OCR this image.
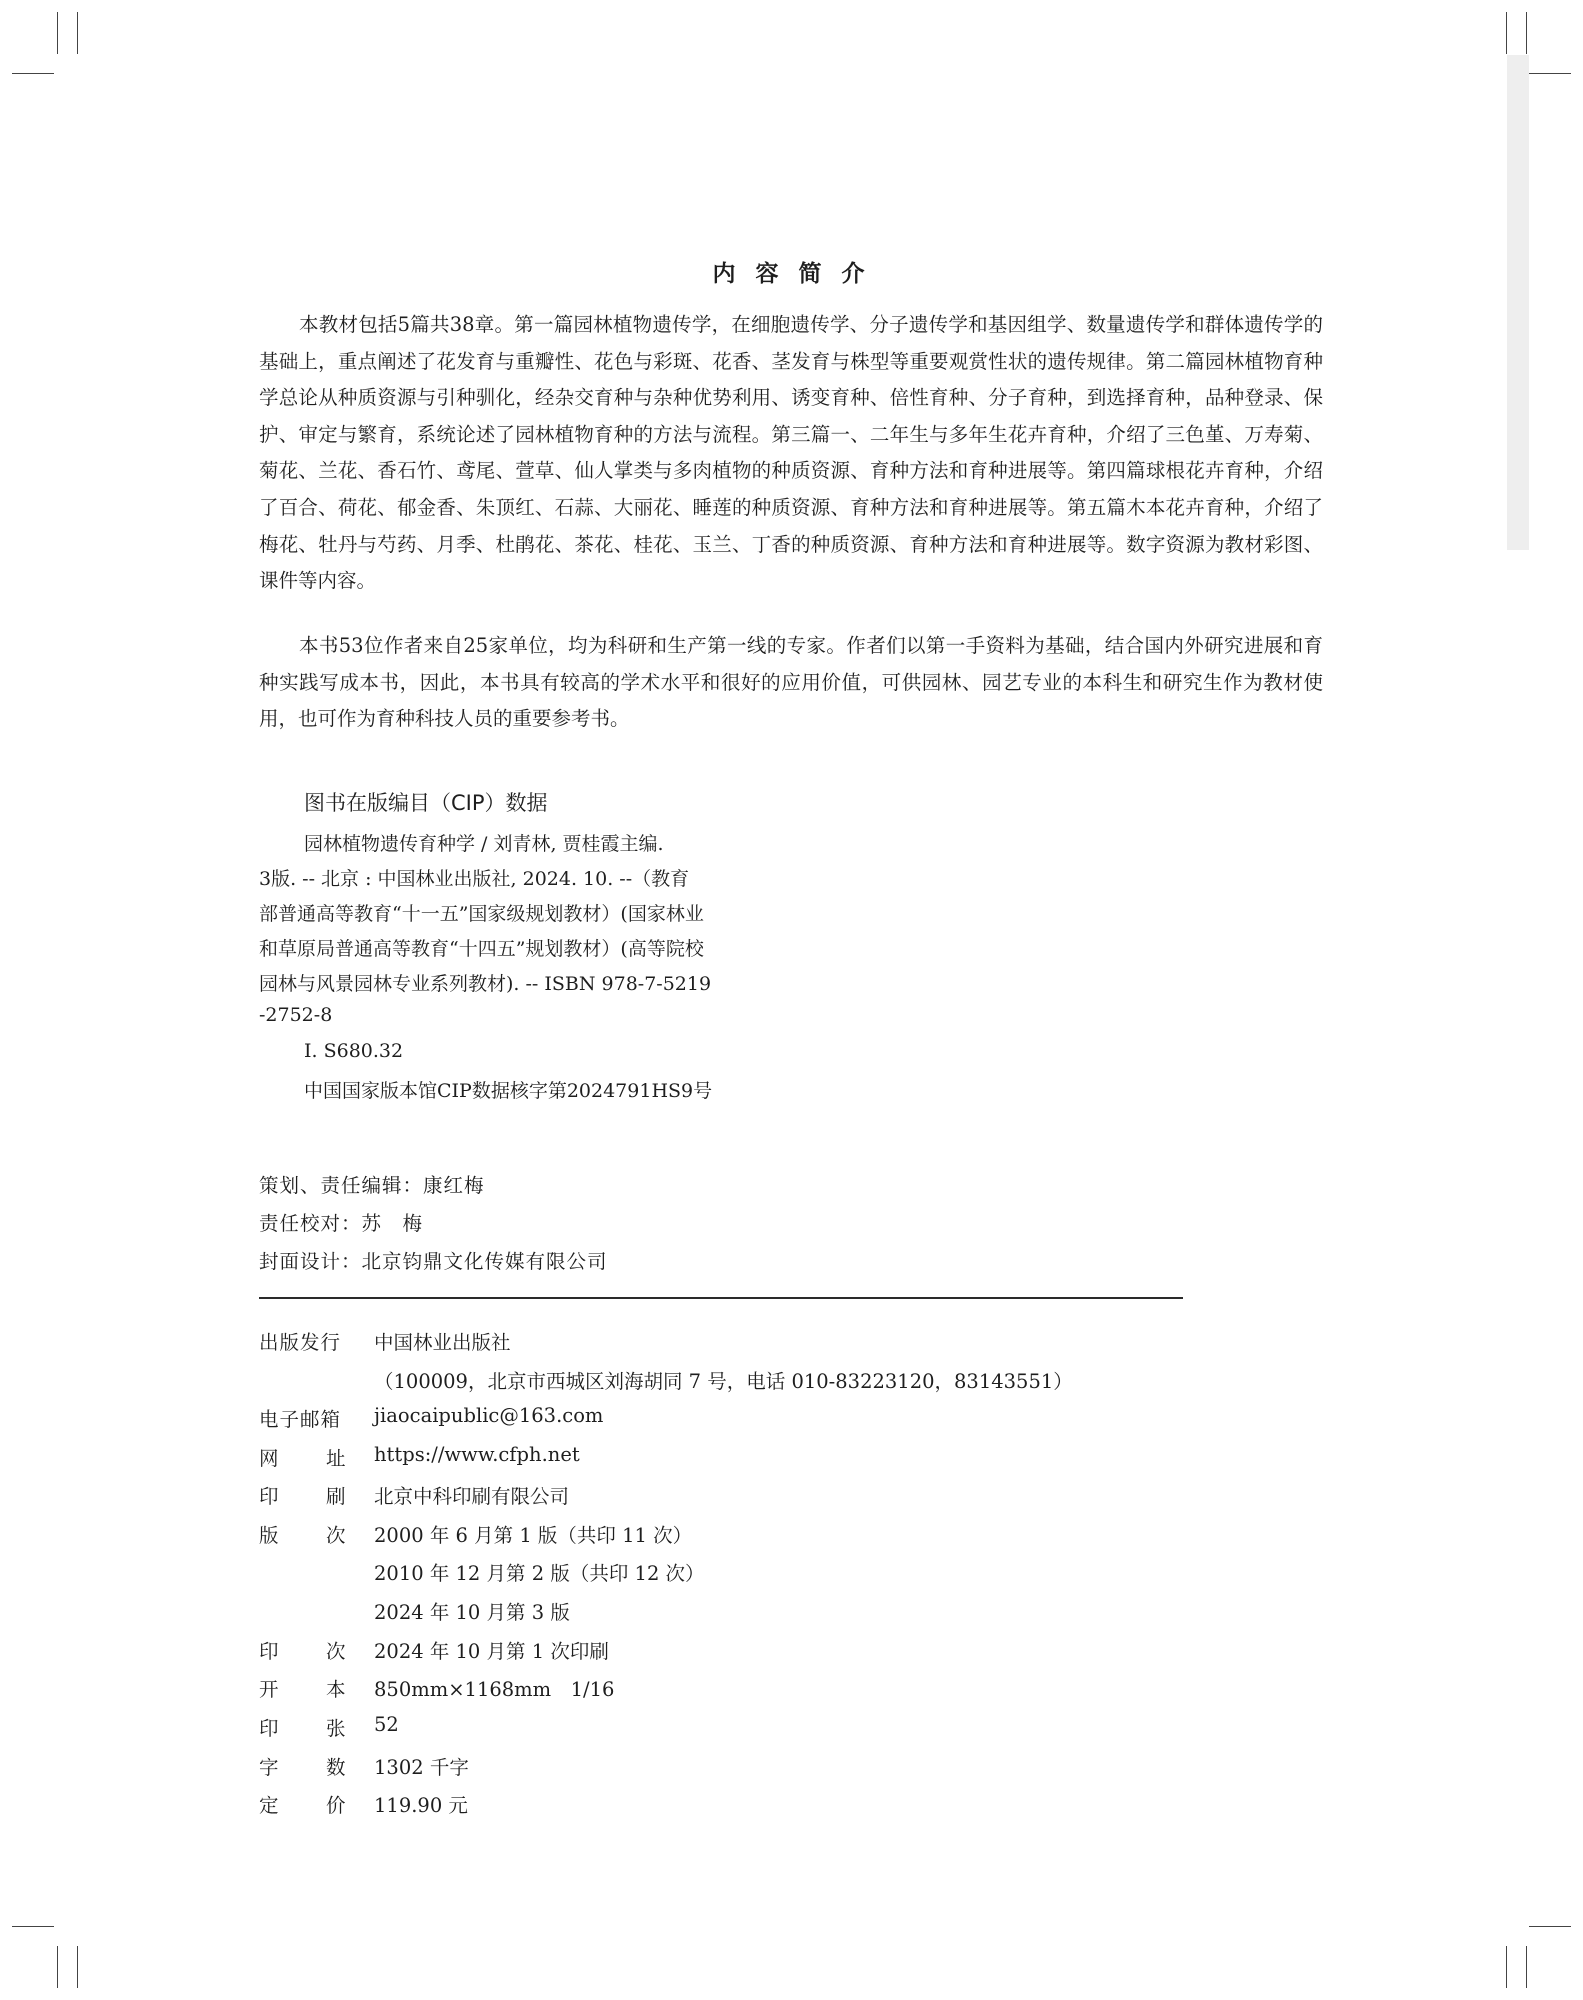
内 容 简 介

本教材包括5篇共38章。第一篇园林植物遗传学，在细胞遗传学、分子遗传学和基因组学、数量遗传学和群体遗传学的基础上，重点阐述了花发育与重瓣性、花色与彩斑、花香、茎发育与株型等重要观赏性状的遗传规律。第二篇园林植物育种学总论从种质资源与引种驯化，经杂交育种与杂种优势利用、诱变育种、倍性育种、分子育种，到选择育种，品种登录、保护、审定与繁育，系统论述了园林植物育种的方法与流程。第三篇一、二年生与多年生花卉育种，介绍了三色堇、万寿菊、菊花、兰花、香石竹、鸢尾、萱草、仙人掌类与多肉植物的种质资源、育种方法和育种进展等。第四篇球根花卉育种，介绍了百合、荷花、郁金香、朱顶红、石蒜、大丽花、睡莲的种质资源、育种方法和育种进展等。第五篇木本花卉育种，介绍了梅花、牡丹与芍药、月季、杜鹃花、茶花、桂花、玉兰、丁香的种质资源、育种方法和育种进展等。数字资源为教材彩图、课件等内容。

本书53位作者来自25家单位，均为科研和生产第一线的专家。作者们以第一手资料为基础，结合国内外研究进展和育种实践写成本书，因此，本书具有较高的学术水平和很好的应用价值，可供园林、园艺专业的本科生和研究生作为教材使用，也可作为育种科技人员的重要参考书。

图书在版编目（CIP）数据
园林植物遗传育种学 / 刘青林, 贾桂霞主编.
3版. -- 北京 : 中国林业出版社, 2024. 10. --（教育
部普通高等教育“十一五”国家级规划教材）(国家林业
和草原局普通高等教育“十四五”规划教材）(高等院校
园林与风景园林专业系列教材). -- ISBN 978-7-5219
-2752-8
Ⅰ. S680.32
中国国家版本馆CIP数据核字第2024791HS9号
策划、责任编辑：康红梅
责任校对：苏　梅
封面设计：北京钧鼎文化传媒有限公司
出版发行 中国林业出版社
（100009，北京市西城区刘海胡同 7 号，电话 010-83223120，83143551）
电子邮箱 jiaocaipublic@163.com
网 址 https://www.cfph.net
印 刷 北京中科印刷有限公司
版 次 2000 年 6 月第 1 版（共印 11 次）
2010 年 12 月第 2 版（共印 12 次）
2024 年 10 月第 3 版
印 次 2024 年 10 月第 1 次印刷
开 本 850mm×1168mm　1/16
印 张 52
字 数 1302 千字
定 价 119.90 元
